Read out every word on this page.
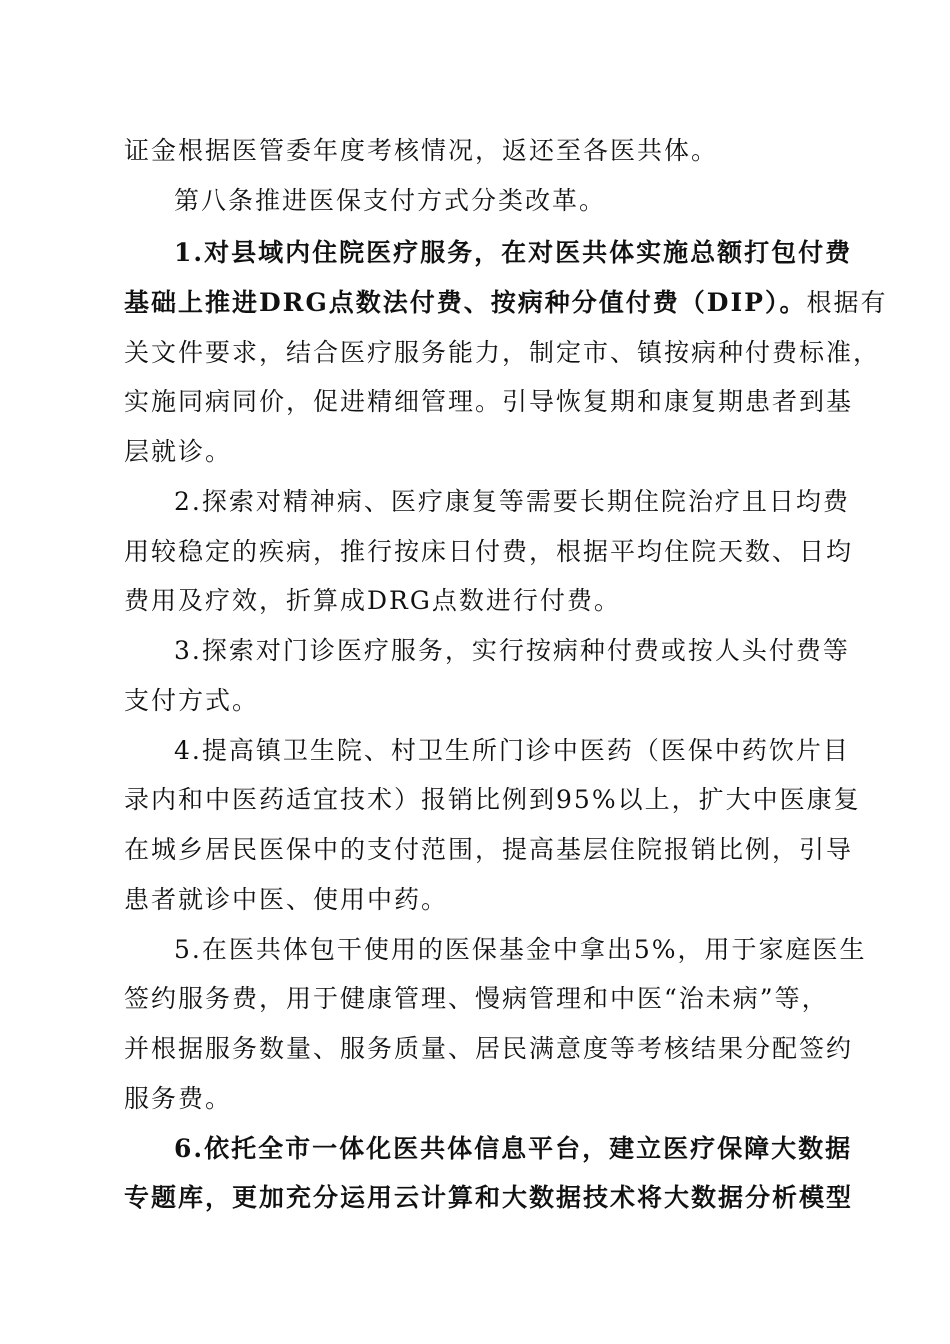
证金根据医管委年度考核情况，返还至各医共体。
第八条推进医保支付方式分类改革。
1.对县域内住院医疗服务，在对医共体实施总额打包付费
基础上推进DRG点数法付费、按病种分值付费（DIP）。根据有
关文件要求，结合医疗服务能力，制定市、镇按病种付费标准，
实施同病同价，促进精细管理。引导恢复期和康复期患者到基
层就诊。
2.探索对精神病、医疗康复等需要长期住院治疗且日均费
用较稳定的疾病，推行按床日付费，根据平均住院天数、日均
费用及疗效，折算成DRG点数进行付费。
3.探索对门诊医疗服务，实行按病种付费或按人头付费等
支付方式。
4.提高镇卫生院、村卫生所门诊中医药（医保中药饮片目
录内和中医药适宜技术）报销比例到95%以上，扩大中医康复
在城乡居民医保中的支付范围，提高基层住院报销比例，引导
患者就诊中医、使用中药。
5.在医共体包干使用的医保基金中拿出5%，用于家庭医生
签约服务费，用于健康管理、慢病管理和中医“治未病”等，
并根据服务数量、服务质量、居民满意度等考核结果分配签约
服务费。
6.依托全市一体化医共体信息平台，建立医疗保障大数据
专题库，更加充分运用云计算和大数据技术将大数据分析模型
